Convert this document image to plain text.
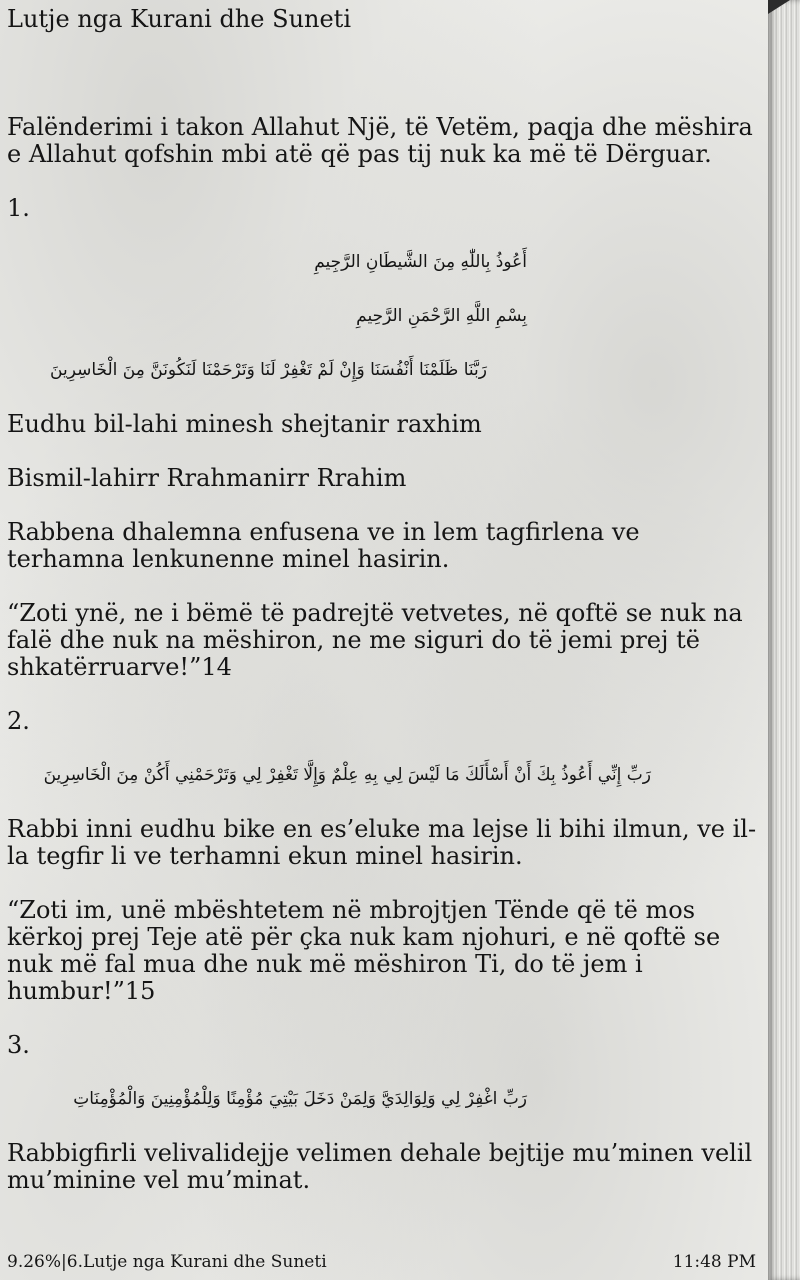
Lutje nga Kurani dhe Suneti
Falënderimi i takon Allahut Një, të Vetëm, paqja dhe mëshira e Allahut qofshin mbi atë që pas tij nuk ka më të Dërguar.
1.
أَعُوذُ بِاللّٰهِ مِنَ الشَّيطَانِ الرَّجِيمِ
بِسْمِ اللَّهِ الرَّحْمَنِ الرَّحِيمِ
رَبَّنَا ظَلَمْنَا أَنْفُسَنَا وَإِنْ لَمْ تَغْفِرْ لَنَا وَتَرْحَمْنَا لَنَكُونَنَّ مِنَ الْخَاسِرِينَ
Eudhu bil-lahi minesh shejtanir raxhim
Bismil-lahirr Rrahmanirr Rrahim
Rabbena dhalemna enfusena ve in lem tagfirlena ve terhamna lenkunenne minel hasirin.
“Zoti ynë, ne i bëmë të padrejtë vetvetes, në qoftë se nuk na falë dhe nuk na mëshiron, ne me siguri do të jemi prej të shkatërruarve!”14
2.
رَبِّ إِنِّي أَعُوذُ بِكَ أَنْ أَسْأَلَكَ مَا لَيْسَ لِي بِهِ عِلْمٌ وَإِلَّا تَغْفِرْ لِي وَتَرْحَمْنِي أَكُنْ مِنَ الْخَاسِرِينَ
Rabbi inni eudhu bike en es’eluke ma lejse li bihi ilmun, ve il-la tegfir li ve terhamni ekun minel hasirin.
“Zoti im, unë mbështetem në mbrojtjen Tënde që të mos kërkoj prej Teje atë për çka nuk kam njohuri, e në qoftë se nuk më fal mua dhe nuk më mëshiron Ti, do të jem i humbur!”15
3.
رَبِّ اغْفِرْ لِي وَلِوَالِدَيَّ وَلِمَنْ دَخَلَ بَيْتِيَ مُؤْمِنًا وَلِلْمُؤْمِنِينَ وَالْمُؤْمِنَاتِ
Rabbigfirli velivalidejje velimen dehale bejtije mu’minen velil mu’minine vel mu’minat.
9.26%|6.Lutje nga Kurani dhe Suneti	11:48 PM
